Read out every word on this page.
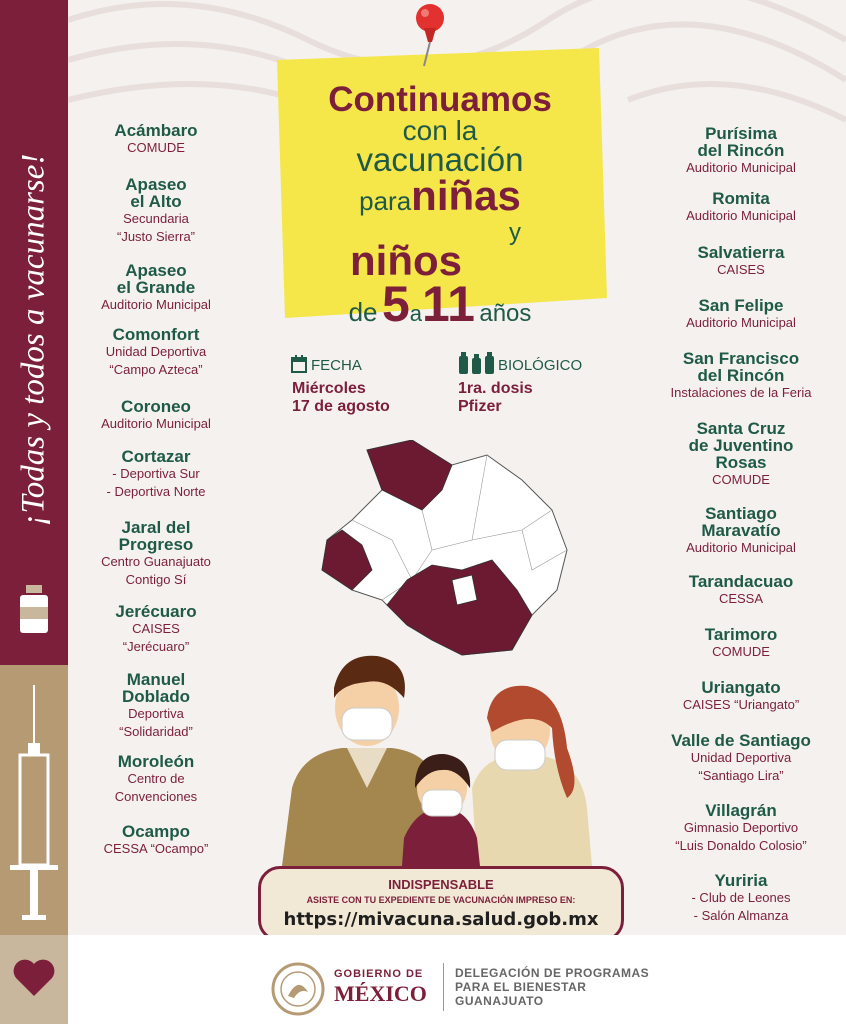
¡Todas y todos a vacunarse!
Continuamos
con la
vacunación
paraniñas
y
niños
de 5a11 años
FECHA
Miércoles
17 de agosto
BIOLÓGICO
1ra. dosis
Pfizer
Acámbaro
COMUDE
Apaseo
el Alto
Secundaria
“Justo Sierra”
Apaseo
el Grande
Auditorio Municipal
Comonfort
Unidad Deportiva
“Campo Azteca”
Coroneo
Auditorio Municipal
Cortazar
- Deportiva Sur
- Deportiva Norte
Jaral del
Progreso
Centro Guanajuato
Contigo Sí
Jerécuaro
CAISES
“Jerécuaro”
Manuel
Doblado
Deportiva
“Solidaridad”
Moroleón
Centro de
Convenciones
Ocampo
CESSA “Ocampo”
Purísima
del Rincón
Auditorio Municipal
Romita
Auditorio Municipal
Salvatierra
CAISES
San Felipe
Auditorio Municipal
San Francisco
del Rincón
Instalaciones de la Feria
Santa Cruz
de Juventino
Rosas
COMUDE
Santiago
Maravatío
Auditorio Municipal
Tarandacuao
CESSA
Tarimoro
COMUDE
Uriangato
CAISES “Uriangato”
Valle de Santiago
Unidad Deportiva
“Santiago Lira”
Villagrán
Gimnasio Deportivo
“Luis Donaldo Colosio”
Yuriria
- Club de Leones
- Salón Almanza
INDISPENSABLE
ASISTE CON TU EXPEDIENTE DE VACUNACIÓN IMPRESO EN:
https://mivacuna.salud.gob.mx
GOBIERNO DE
MÉXICO
DELEGACIÓN DE PROGRAMAS
PARA EL BIENESTAR
GUANAJUATO
